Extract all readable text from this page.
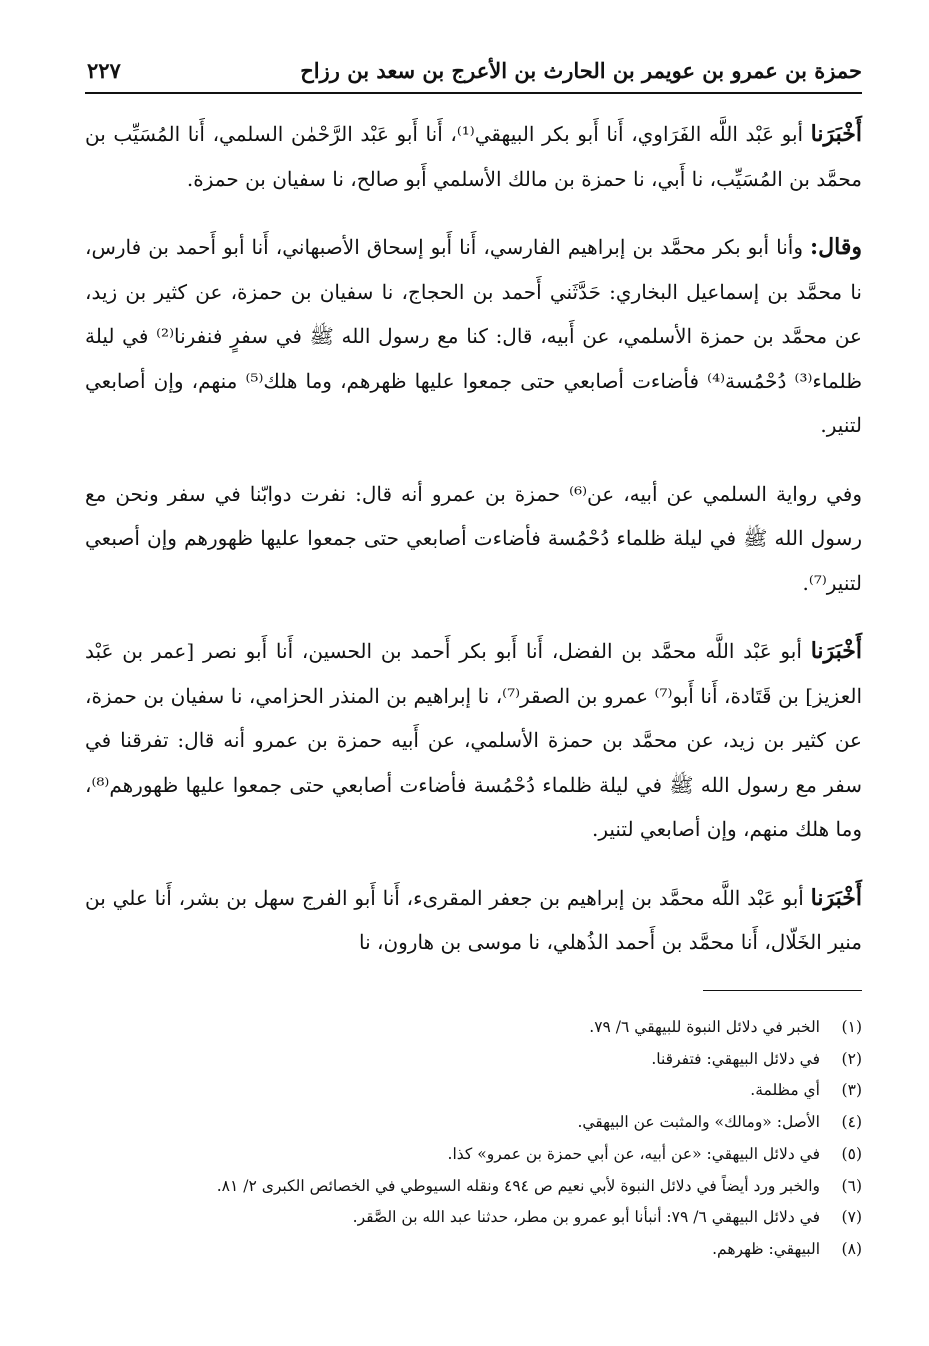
حمزة بن عمرو بن عويمر بن الحارث بن الأعرج بن سعد بن رزاح
٢٢٧

أَخْبَرَنا أبو عَبْد اللَّه الفَرَاوي، أَنا أَبو بكر البيهقي⁽¹⁾، أَنا أَبو عَبْد الرَّحْمٰن السلمي، أَنا المُسَيِّب بن محمَّد بن المُسَيِّب، نا أَبي، نا حمزة بن مالك الأسلمي أَبو صالح، نا سفيان بن حمزة.

وقال: وأنا أبو بكر محمَّد بن إبراهيم الفارسي، أَنا أَبو إسحاق الأصبهاني، أَنا أبو أَحمد بن فارس، نا محمَّد بن إسماعيل البخاري: حَدَّثَني أَحمد بن الحجاج، نا سفيان بن حمزة، عن كثير بن زيد، عن محمَّد بن حمزة الأسلمي، عن أَبيه، قال: كنا مع رسول الله ﷺ في سفرٍ فنفرنا⁽²⁾ في ليلة ظلماء⁽³⁾ دُحْمُسة⁽⁴⁾ فأضاءت أصابعي حتى جمعوا عليها ظهرهم، وما هلك⁽⁵⁾ منهم، وإن أصابعي لتنير.

وفي رواية السلمي عن أبيه، عن⁽⁶⁾ حمزة بن عمرو أنه قال: نفرت دوابّنا في سفر ونحن مع رسول الله ﷺ في ليلة ظلماء دُحْمُسة فأضاءت أصابعي حتى جمعوا عليها ظهورهم وإن أصبعي لتنير⁽⁷⁾.

أَخْبَرَنا أبو عَبْد اللَّه محمَّد بن الفضل، أَنا أَبو بكر أَحمد بن الحسين، أَنا أَبو نصر [عمر بن عَبْد العزيز] بن قَتَادة، أَنا أَبو⁽⁷⁾ عمرو بن الصقر⁽⁷⁾، نا إبراهيم بن المنذر الحزامي، نا سفيان بن حمزة، عن كثير بن زيد، عن محمَّد بن حمزة الأسلمي، عن أَبيه حمزة بن عمرو أنه قال: تفرقنا في سفر مع رسول الله ﷺ في ليلة ظلماء دُحْمُسة فأضاءت أصابعي حتى جمعوا عليها ظهورهم⁽⁸⁾، وما هلك منهم، وإن أصابعي لتنير.

أَخْبَرَنا أبو عَبْد اللَّه محمَّد بن إبراهيم بن جعفر المقرىء، أَنا أَبو الفرج سهل بن بشر، أَنا علي بن منير الخَلّال، أَنا محمَّد بن أَحمد الذُهلي، نا موسى بن هارون، نا

(١)الخبر في دلائل النبوة للبيهقي ٦/ ٧٩.
(٢)في دلائل البيهقي: فتفرقنا.
(٣)أي مظلمة.
(٤)الأصل: «ومالك» والمثبت عن البيهقي.
(٥)في دلائل البيهقي: «عن أبيه، عن أبي حمزة بن عمرو» كذا.
(٦)والخبر ورد أيضاً في دلائل النبوة لأبي نعيم ص ٤٩٤ ونقله السيوطي في الخصائص الكبرى ٢/ ٨١.
(٧)في دلائل البيهقي ٦/ ٧٩: أنبأنا أبو عمرو بن مطر، حدثنا عبد الله بن الصَّقر.
(٨)البيهقي: ظهرهم.
